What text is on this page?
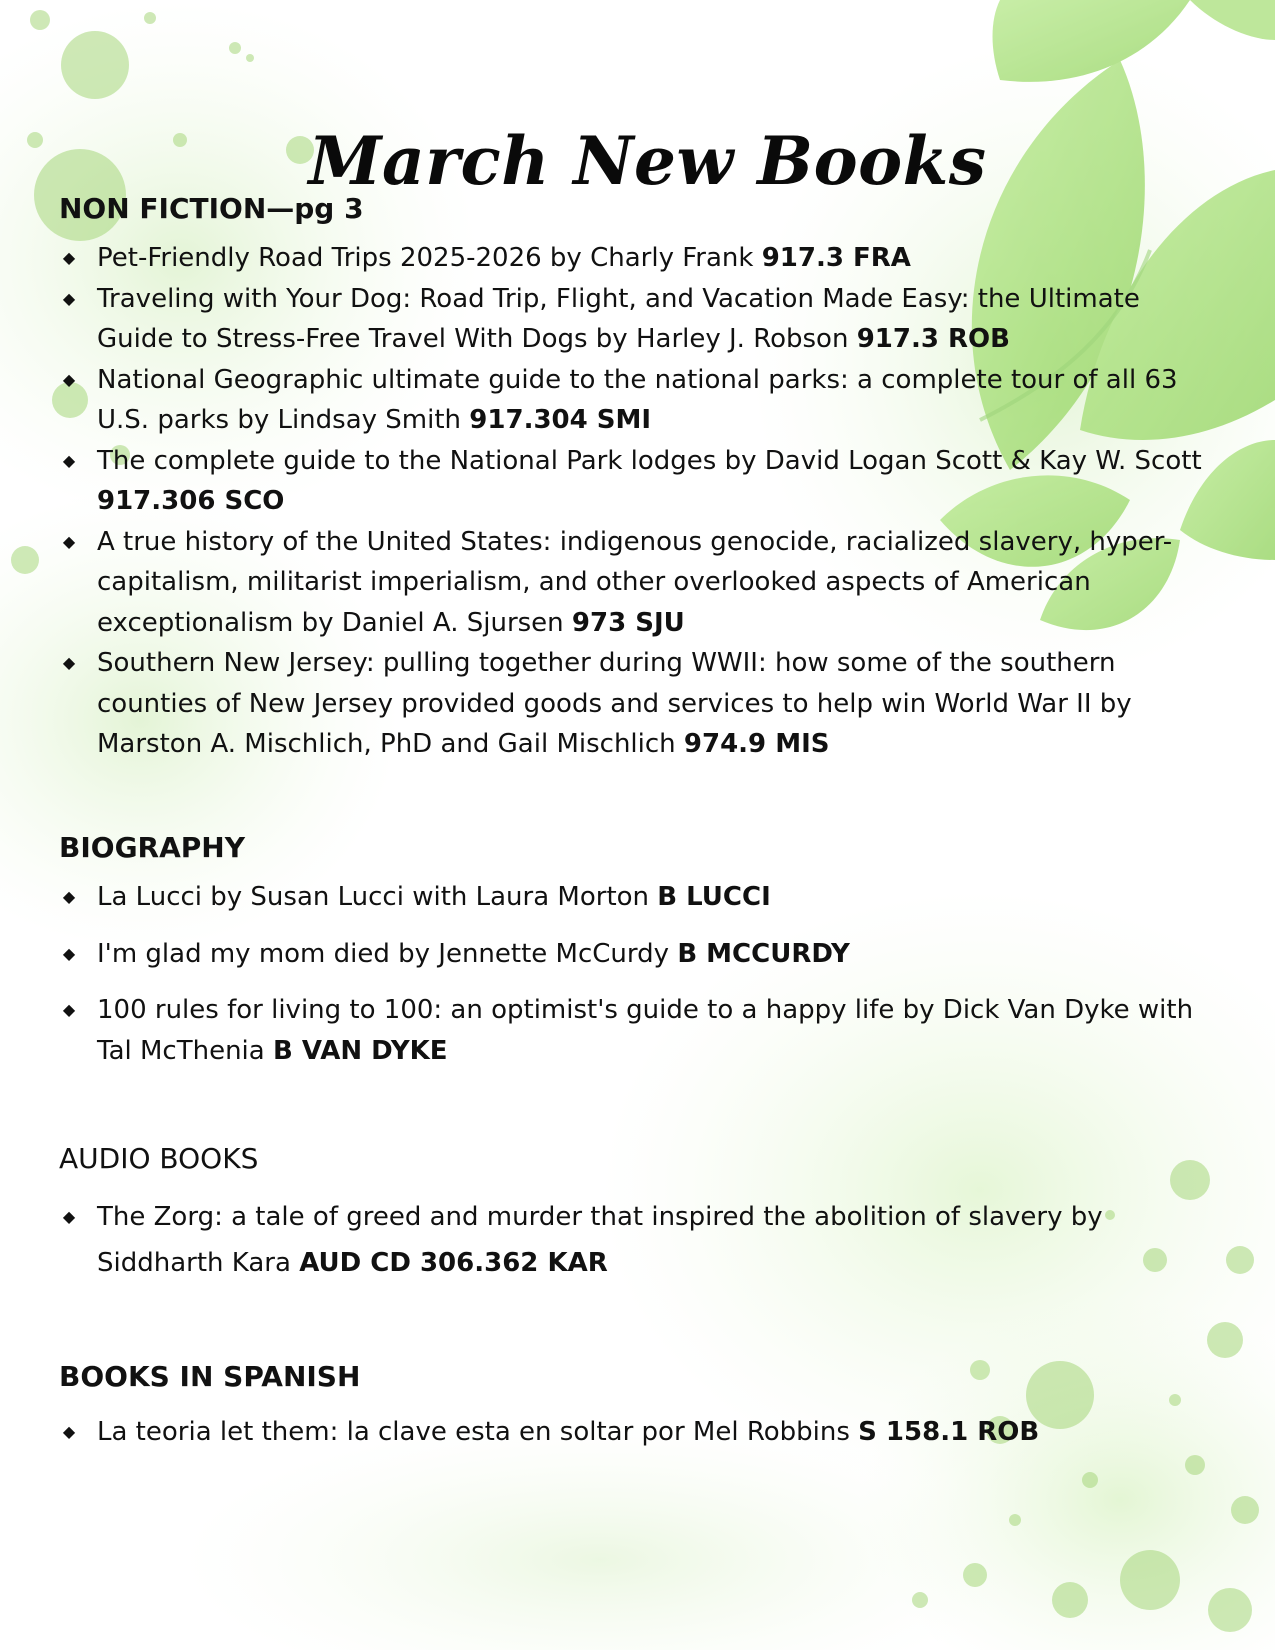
March New Books
NON FICTION—pg 3
◆ Pet-Friendly Road Trips 2025-2026 by Charly Frank 917.3 FRA
◆ Traveling with Your Dog: Road Trip, Flight, and Vacation Made Easy: the Ultimate Guide to Stress-Free Travel With Dogs by Harley J. Robson 917.3 ROB
◆ National Geographic ultimate guide to the national parks: a complete tour of all 63 U.S. parks by Lindsay Smith 917.304 SMI
◆ The complete guide to the National Park lodges by David Logan Scott & Kay W. Scott 917.306 SCO
◆ A true history of the United States: indigenous genocide, racialized slavery, hyper-capitalism, militarist imperialism, and other overlooked aspects of American exceptionalism by Daniel A. Sjursen 973 SJU
◆ Southern New Jersey: pulling together during WWII: how some of the southern counties of New Jersey provided goods and services to help win World War II by Marston A. Mischlich, PhD and Gail Mischlich 974.9 MIS
BIOGRAPHY
◆ La Lucci by Susan Lucci with Laura Morton B LUCCI
◆ I'm glad my mom died by Jennette McCurdy B MCCURDY
◆ 100 rules for living to 100: an optimist's guide to a happy life by Dick Van Dyke with Tal McThenia B VAN DYKE
AUDIO BOOKS
◆ The Zorg: a tale of greed and murder that inspired the abolition of slavery by Siddharth Kara AUD CD 306.362 KAR
BOOKS IN SPANISH
◆ La teoria let them: la clave esta en soltar por Mel Robbins S 158.1 ROB
